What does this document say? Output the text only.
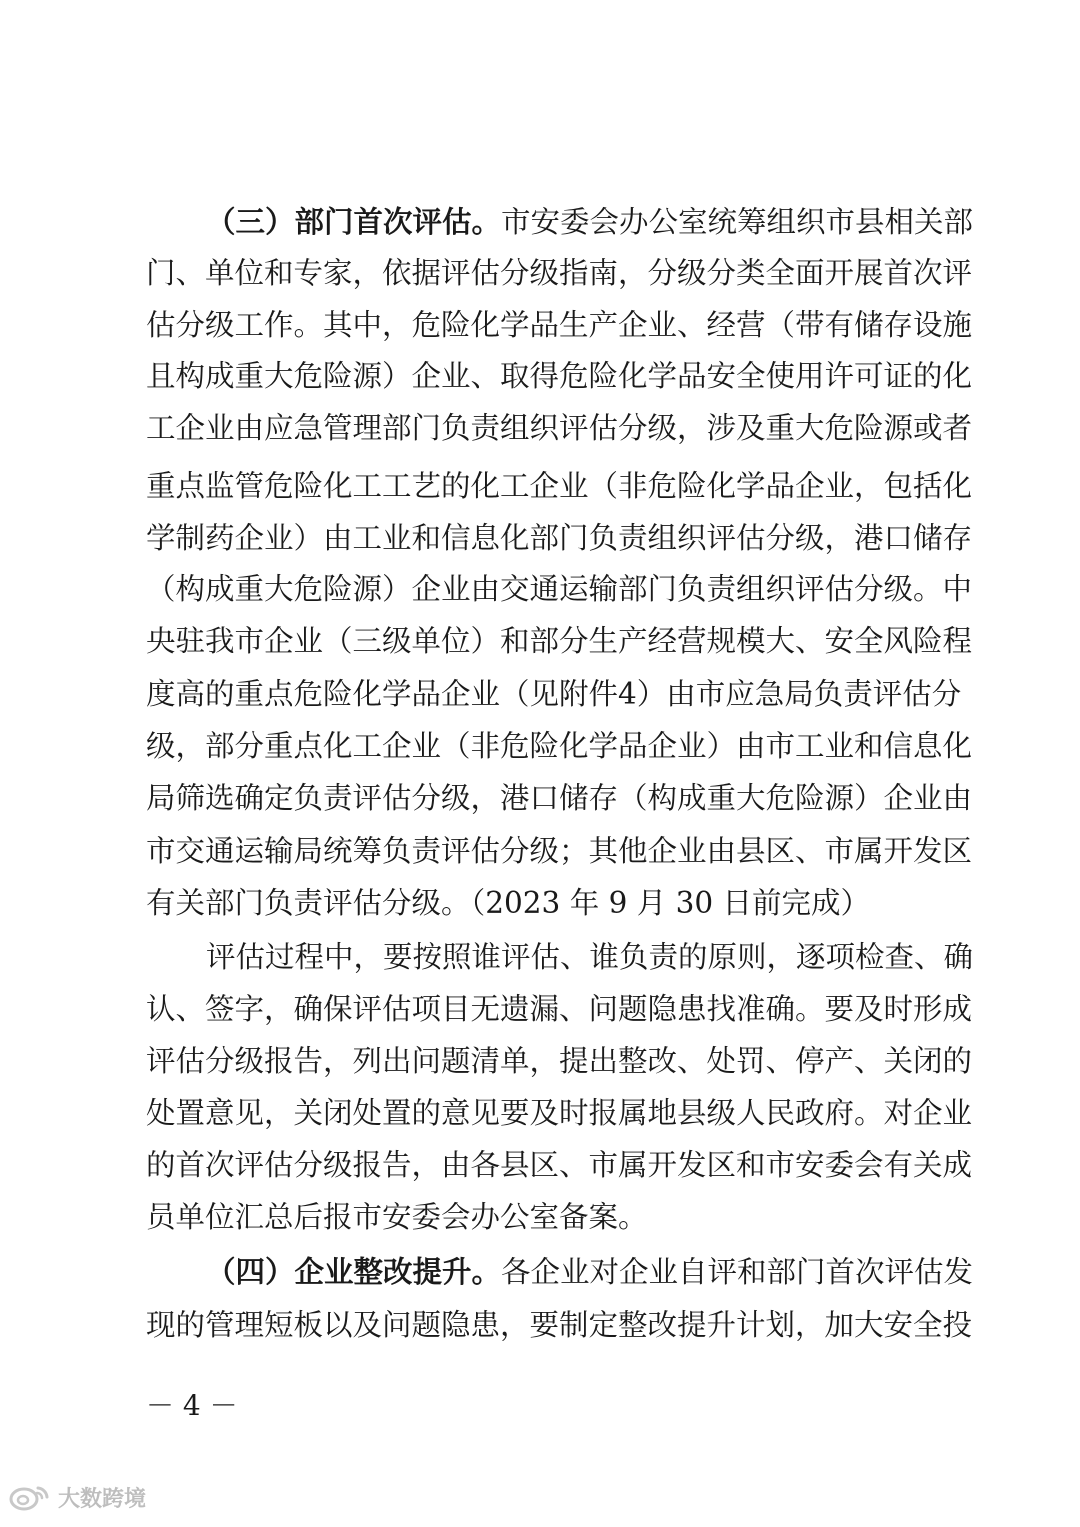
（三）部门首次评估。市安委会办公室统筹组织市县相关部
门、单位和专家，依据评估分级指南，分级分类全面开展首次评
估分级工作。其中，危险化学品生产企业、经营（带有储存设施
且构成重大危险源）企业、取得危险化学品安全使用许可证的化
工企业由应急管理部门负责组织评估分级，涉及重大危险源或者
重点监管危险化工工艺的化工企业（非危险化学品企业，包括化
学制药企业）由工业和信息化部门负责组织评估分级，港口储存
（构成重大危险源）企业由交通运输部门负责组织评估分级。中
央驻我市企业（三级单位）和部分生产经营规模大、安全风险程
度高的重点危险化学品企业（见附件4）由市应急局负责评估分
级，部分重点化工企业（非危险化学品企业）由市工业和信息化
局筛选确定负责评估分级，港口储存（构成重大危险源）企业由
市交通运输局统筹负责评估分级；其他企业由县区、市属开发区
有关部门负责评估分级。（2023 年 9 月 30 日前完成）
评估过程中，要按照谁评估、谁负责的原则，逐项检查、确
认、签字，确保评估项目无遗漏、问题隐患找准确。要及时形成
评估分级报告，列出问题清单，提出整改、处罚、停产、关闭的
处置意见，关闭处置的意见要及时报属地县级人民政府。对企业
的首次评估分级报告，由各县区、市属开发区和市安委会有关成
员单位汇总后报市安委会办公室备案。
（四）企业整改提升。各企业对企业自评和部门首次评估发
现的管理短板以及问题隐患，要制定整改提升计划，加大安全投
－ 4 －
大数跨境
